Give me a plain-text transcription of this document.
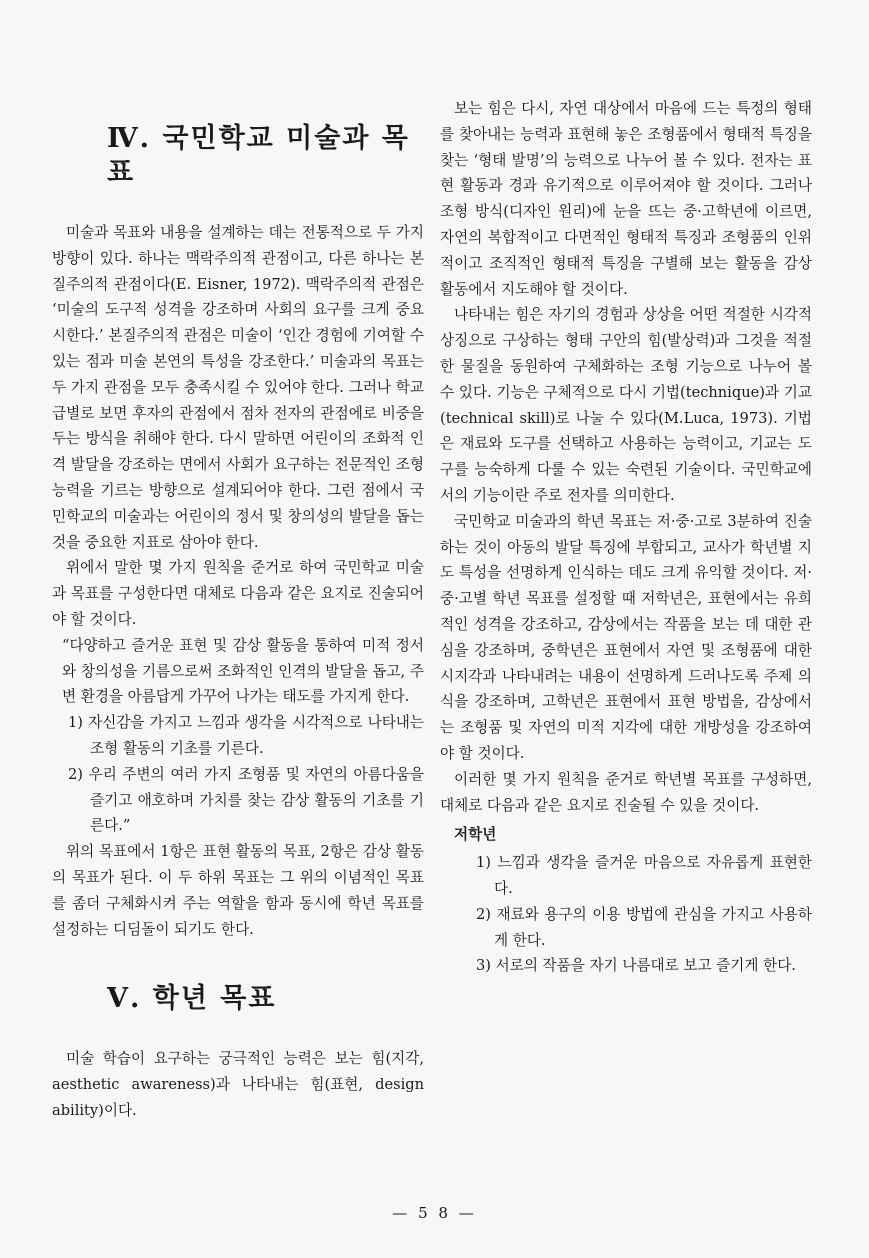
Ⅳ. 국민학교 미술과 목표

미술과 목표와 내용을 설계하는 데는 전통적으로 두 가지 방향이 있다. 하나는 맥락주의적 관점이고, 다른 하나는 본질주의적 관점이다(E. Eisner, 1972). 맥락주의적 관점은 ‘미술의 도구적 성격을 강조하며 사회의 요구를 크게 중요시한다.’ 본질주의적 관점은 미술이 ‘인간 경험에 기여할 수 있는 점과 미술 본연의 특성을 강조한다.’ 미술과의 목표는 두 가지 관점을 모두 충족시킬 수 있어야 한다. 그러나 학교 급별로 보면 후자의 관점에서 점차 전자의 관점에로 비중을 두는 방식을 취해야 한다. 다시 말하면 어린이의 조화적 인격 발달을 강조하는 면에서 사회가 요구하는 전문적인 조형 능력을 기르는 방향으로 설계되어야 한다. 그런 점에서 국민학교의 미술과는 어린이의 정서 및 창의성의 발달을 돕는 것을 중요한 지표로 삼아야 한다.

위에서 말한 몇 가지 원칙을 준거로 하여 국민학교 미술과 목표를 구성한다면 대체로 다음과 같은 요지로 진술되어야 할 것이다.

“다양하고 즐거운 표현 및 감상 활동을 통하여 미적 정서와 창의성을 기름으로써 조화적인 인격의 발달을 돕고, 주변 환경을 아름답게 가꾸어 나가는 태도를 가지게 한다.

1) 자신감을 가지고 느낌과 생각을 시각적으로 나타내는 조형 활동의 기초를 기른다.

2) 우리 주변의 여러 가지 조형품 및 자연의 아름다움을 즐기고 애호하며 가치를 찾는 감상 활동의 기초를 기른다.”

위의 목표에서 1항은 표현 활동의 목표, 2항은 감상 활동의 목표가 된다. 이 두 하위 목표는 그 위의 이념적인 목표를 좀더 구체화시켜 주는 역할을 함과 동시에 학년 목표를 설정하는 디딤돌이 되기도 한다.

Ⅴ. 학년 목표

미술 학습이 요구하는 궁극적인 능력은 보는 힘(지각, aesthetic awareness)과 나타내는 힘(표현, design ability)이다.

보는 힘은 다시, 자연 대상에서 마음에 드는 특정의 형태를 찾아내는 능력과 표현해 놓은 조형품에서 형태적 특징을 찾는 ‘형태 발명’의 능력으로 나누어 볼 수 있다. 전자는 표현 활동과 경과 유기적으로 이루어져야 할 것이다. 그러나 조형 방식(디자인 원리)에 눈을 뜨는 중·고학년에 이르면, 자연의 복합적이고 다면적인 형태적 특징과 조형품의 인위적이고 조직적인 형태적 특징을 구별해 보는 활동을 감상 활동에서 지도해야 할 것이다.

나타내는 힘은 자기의 경험과 상상을 어떤 적절한 시각적 상징으로 구상하는 형태 구안의 힘(발상력)과 그것을 적절한 물질을 동원하여 구체화하는 조형 기능으로 나누어 볼 수 있다. 기능은 구체적으로 다시 기법(technique)과 기교(technical skill)로 나눌 수 있다(M.Luca, 1973). 기법은 재료와 도구를 선택하고 사용하는 능력이고, 기교는 도구를 능숙하게 다룰 수 있는 숙련된 기술이다. 국민학교에서의 기능이란 주로 전자를 의미한다.

국민학교 미술과의 학년 목표는 저·중·고로 3분하여 진술하는 것이 아동의 발달 특징에 부합되고, 교사가 학년별 지도 특성을 선명하게 인식하는 데도 크게 유익할 것이다. 저·중·고별 학년 목표를 설정할 때 저학년은, 표현에서는 유희적인 성격을 강조하고, 감상에서는 작품을 보는 데 대한 관심을 강조하며, 중학년은 표현에서 자연 및 조형품에 대한 시지각과 나타내려는 내용이 선명하게 드러나도록 주제 의식을 강조하며, 고학년은 표현에서 표현 방법을, 감상에서는 조형품 및 자연의 미적 지각에 대한 개방성을 강조하여야 할 것이다.

이러한 몇 가지 원칙을 준거로 학년별 목표를 구성하면, 대체로 다음과 같은 요지로 진술될 수 있을 것이다.

저학년

1) 느낌과 생각을 즐거운 마음으로 자유롭게 표현한다.

2) 재료와 용구의 이용 방법에 관심을 가지고 사용하게 한다.

3) 서로의 작품을 자기 나름대로 보고 즐기게 한다.

— 5 8 —
